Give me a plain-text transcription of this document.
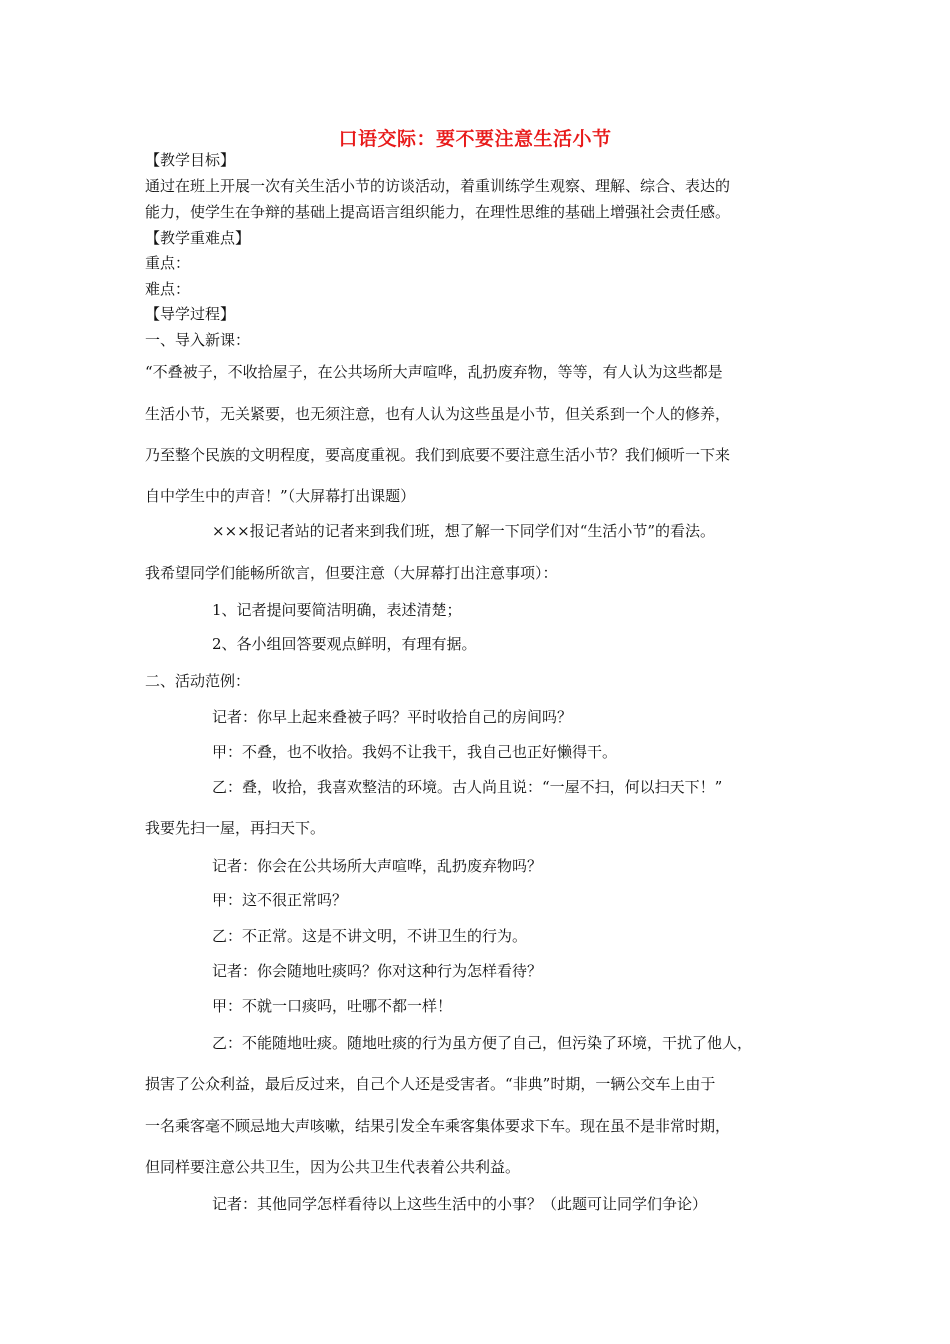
口语交际：要不要注意生活小节
【教学目标】
通过在班上开展一次有关生活小节的访谈活动，着重训练学生观察、理解、综合、表达的
能力，使学生在争辩的基础上提高语言组织能力，在理性思维的基础上增强社会责任感。
【教学重难点】
重点：
难点：
【导学过程】
一、导入新课：
“不叠被子，不收拾屋子，在公共场所大声喧哗，乱扔废弃物，等等，有人认为这些都是
生活小节，无关紧要，也无须注意，也有人认为这些虽是小节，但关系到一个人的修养，
乃至整个民族的文明程度，要高度重视。我们到底要不要注意生活小节？我们倾听一下来
自中学生中的声音！”（大屏幕打出课题）
×××报记者站的记者来到我们班，想了解一下同学们对“生活小节”的看法。
我希望同学们能畅所欲言，但要注意（大屏幕打出注意事项）：
1、记者提问要简洁明确，表述清楚；
2、各小组回答要观点鲜明，有理有据。
二、活动范例：
记者：你早上起来叠被子吗？平时收拾自己的房间吗？
甲：不叠，也不收拾。我妈不让我干，我自己也正好懒得干。
乙：叠，收拾，我喜欢整洁的环境。古人尚且说：“一屋不扫，何以扫天下！”
我要先扫一屋，再扫天下。
记者：你会在公共场所大声喧哗，乱扔废弃物吗？
甲：这不很正常吗？
乙：不正常。这是不讲文明，不讲卫生的行为。
记者：你会随地吐痰吗？你对这种行为怎样看待？
甲：不就一口痰吗，吐哪不都一样！
乙：不能随地吐痰。随地吐痰的行为虽方便了自己，但污染了环境，干扰了他人，
损害了公众利益，最后反过来，自己个人还是受害者。“非典”时期，一辆公交车上由于
一名乘客毫不顾忌地大声咳嗽，结果引发全车乘客集体要求下车。现在虽不是非常时期，
但同样要注意公共卫生，因为公共卫生代表着公共利益。
记者：其他同学怎样看待以上这些生活中的小事？（此题可让同学们争论）
